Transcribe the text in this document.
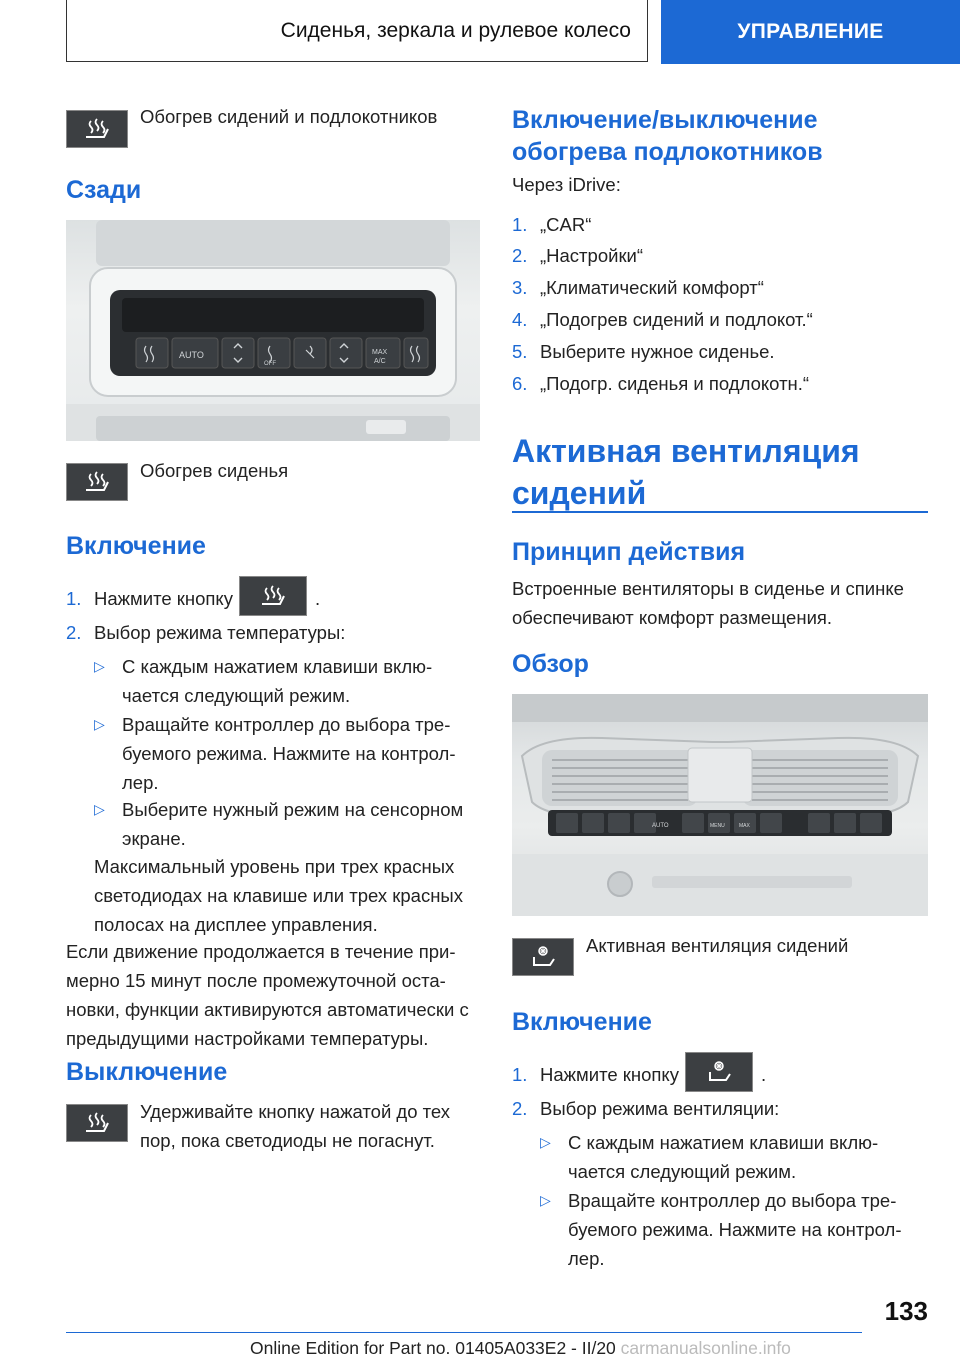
Сиденья, зеркала и рулевое колесо	УПРАВЛЕНИЕ
Обогрев сидений и подлокотников
Сзади
AUTO	MAX
A/C
OFF
Обогрев сиденья
Включение
1. Нажмите кнопку	.
2. Выбор режима температуры:
▷ С каждым нажатием клавиши вклю-чается следующий режим.
▷ Вращайте контроллер до выбора тре-буемого режима. Нажмите на контрол-лер.
▷ Выберите нужный режим на сенсорном экране.
Максимальный уровень при трех красных светодиодах на клавише или трех красных полосах на дисплее управления.
Если движение продолжается в течение при-мерно 15 минут после промежуточной оста-новки, функции активируются автоматически с предыдущими настройками температуры.
Выключение
Удерживайте кнопку нажатой до тех пор, пока светодиоды не погаснут.
Включение/выключение обогрева подлокотников
Через iDrive:
1. „CAR“
2. „Настройки“
3. „Климатический комфорт“
4. „Подогрев сидений и подлокот.“
5. Выберите нужное сиденье.
6. „Подогр. сиденья и подлокотн.“
Активная вентиляция сидений
Принцип действия
Встроенные вентиляторы в сиденье и спинке обеспечивают комфорт размещения.
Обзор
AUTO	MENU	MAX
Активная вентиляция сидений
Включение
1. Нажмите кнопку	.
2. Выбор режима вентиляции:
▷ С каждым нажатием клавиши вклю-чается следующий режим.
▷ Вращайте контроллер до выбора тре-буемого режима. Нажмите на контрол-лер.
133
Online Edition for Part no. 01405A033E2 - II/20 carmanualsonline.info
